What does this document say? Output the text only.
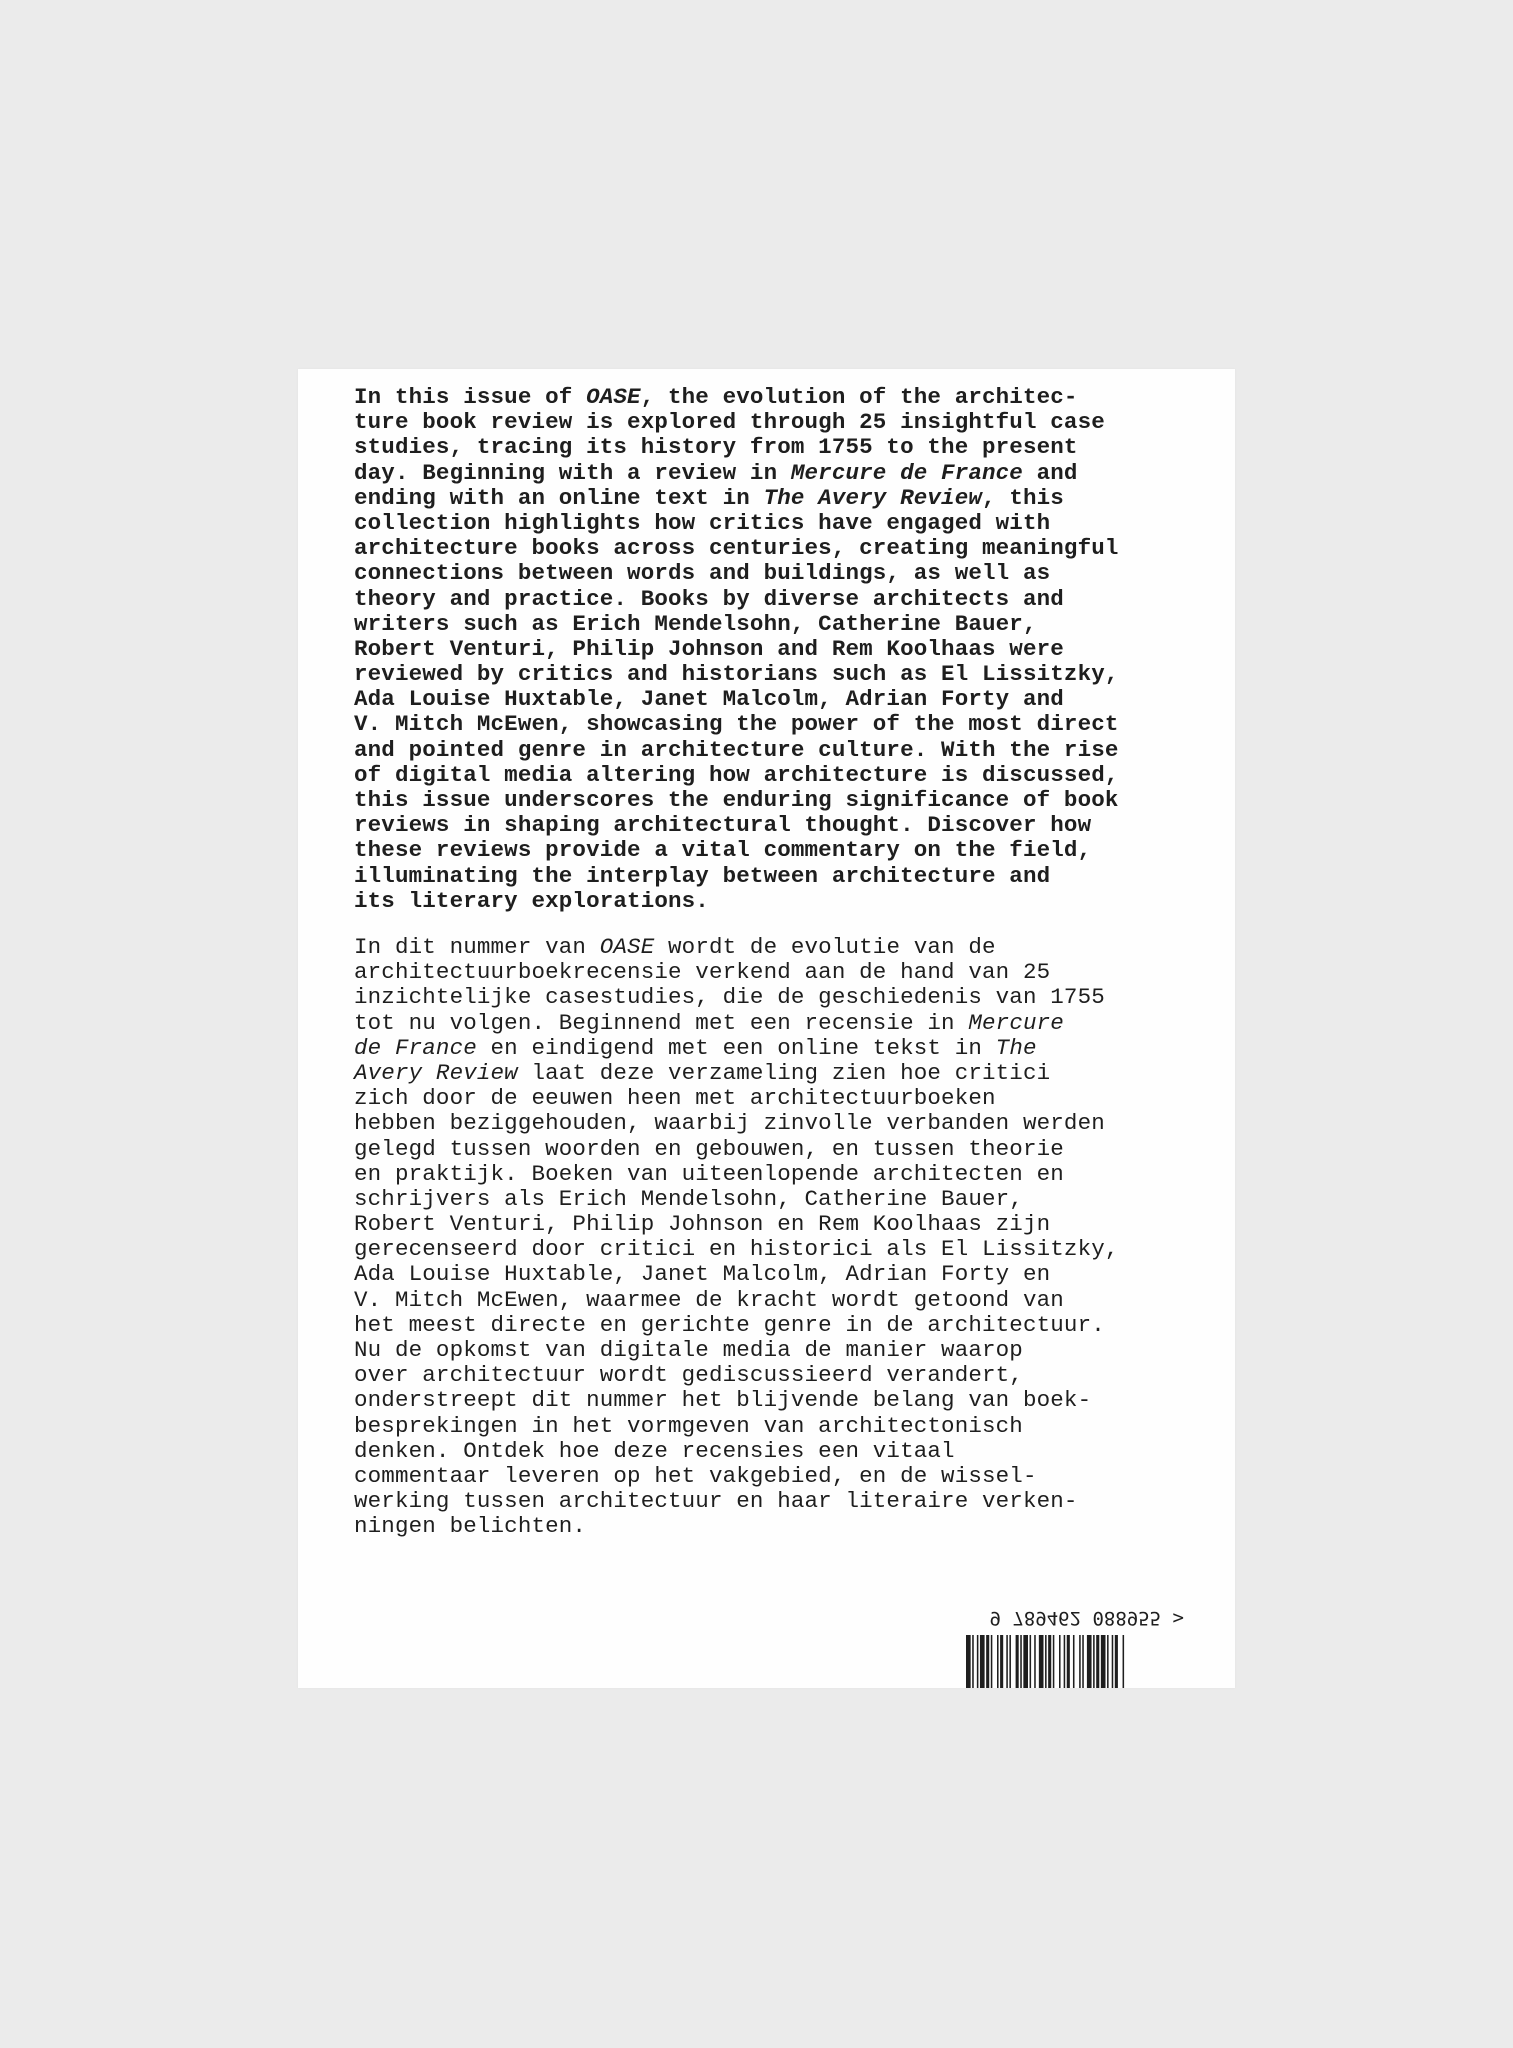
In this issue of OASE, the evolution of the architec-
ture book review is explored through 25 insightful case
studies, tracing its history from 1755 to the present
day. Beginning with a review in Mercure de France and
ending with an online text in The Avery Review, this
collection highlights how critics have engaged with
architecture books across centuries, creating meaningful
connections between words and buildings, as well as
theory and practice. Books by diverse architects and
writers such as Erich Mendelsohn, Catherine Bauer,
Robert Venturi, Philip Johnson and Rem Koolhaas were
reviewed by critics and historians such as El Lissitzky,
Ada Louise Huxtable, Janet Malcolm, Adrian Forty and
V. Mitch McEwen, showcasing the power of the most direct
and pointed genre in architecture culture. With the rise
of digital media altering how architecture is discussed,
this issue underscores the enduring significance of book
reviews in shaping architectural thought. Discover how
these reviews provide a vital commentary on the field,
illuminating the interplay between architecture and
its literary explorations.
In dit nummer van OASE wordt de evolutie van de
architectuurboekrecensie verkend aan de hand van 25
inzichtelijke casestudies, die de geschiedenis van 1755
tot nu volgen. Beginnend met een recensie in Mercure
de France en eindigend met een online tekst in The
Avery Review laat deze verzameling zien hoe critici
zich door de eeuwen heen met architectuurboeken
hebben beziggehouden, waarbij zinvolle verbanden werden
gelegd tussen woorden en gebouwen, en tussen theorie
en praktijk. Boeken van uiteenlopende architecten en
schrijvers als Erich Mendelsohn, Catherine Bauer,
Robert Venturi, Philip Johnson en Rem Koolhaas zijn
gerecenseerd door critici en historici als El Lissitzky,
Ada Louise Huxtable, Janet Malcolm, Adrian Forty en
V. Mitch McEwen, waarmee de kracht wordt getoond van
het meest directe en gerichte genre in de architectuur.
Nu de opkomst van digitale media de manier waarop
over architectuur wordt gediscussieerd verandert,
onderstreept dit nummer het blijvende belang van boek-
besprekingen in het vormgeven van architectonisch
denken. Ontdek hoe deze recensies een vitaal
commentaar leveren op het vakgebied, en de wissel-
werking tussen architectuur en haar literaire verken-
ningen belichten.
9 789462 088955 >
